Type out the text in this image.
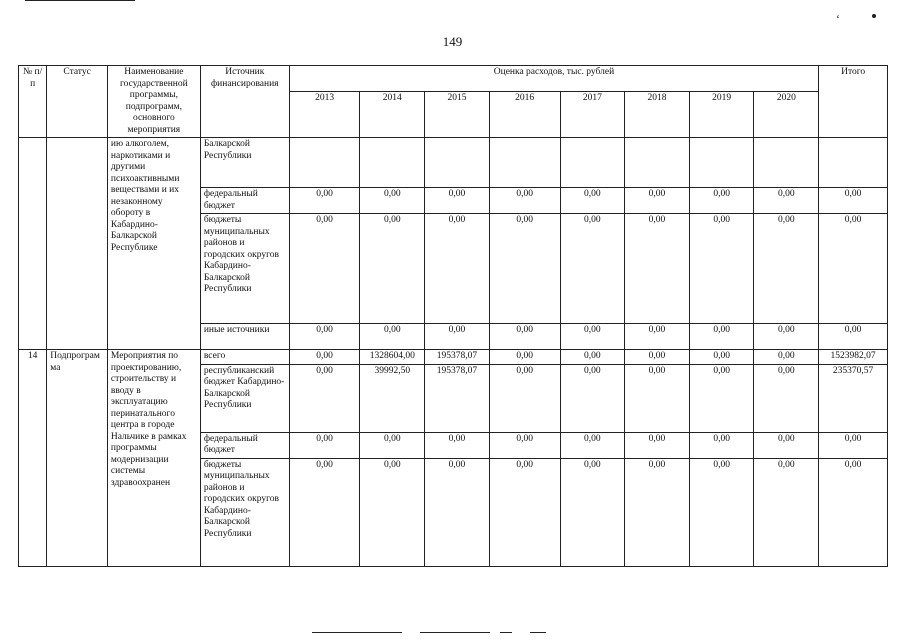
‘
149
№ п/п	Статус	Наименование государственной программы, подпрограмм, основного мероприятия	Источник финансирования	Оценка расходов, тыс. рублей								Итого
				2013	2014	2015	2016	2017	2018	2019	2020	
		ию алкоголем, наркотиками и другими психоактивными веществами и их незаконному обороту в Кабардино-Балкарской Республике	Балкарской Республики									
			федеральный бюджет	0,00	0,00	0,00	0,00	0,00	0,00	0,00	0,00	0,00
			бюджеты муниципальных районов и городских округов Кабардино-Балкарской Республики	0,00	0,00	0,00	0,00	0,00	0,00	0,00	0,00	0,00
			иные источники	0,00	0,00	0,00	0,00	0,00	0,00	0,00	0,00	0,00
14	Подпрограмма	Мероприятия по проектированию, строительству и вводу в эксплуатацию перинатального центра в городе Нальчике в рамках программы модернизации системы здравоохранен	всего	0,00	1328604,00	195378,07	0,00	0,00	0,00	0,00	0,00	1523982,07
			республиканский бюджет Кабардино-Балкарской Республики	0,00	39992,50	195378,07	0,00	0,00	0,00	0,00	0,00	235370,57
			федеральный бюджет	0,00	0,00	0,00	0,00	0,00	0,00	0,00	0,00	0,00
			бюджеты муниципальных районов и городских округов Кабардино-Балкарской Республики	0,00	0,00	0,00	0,00	0,00	0,00	0,00	0,00	0,00
